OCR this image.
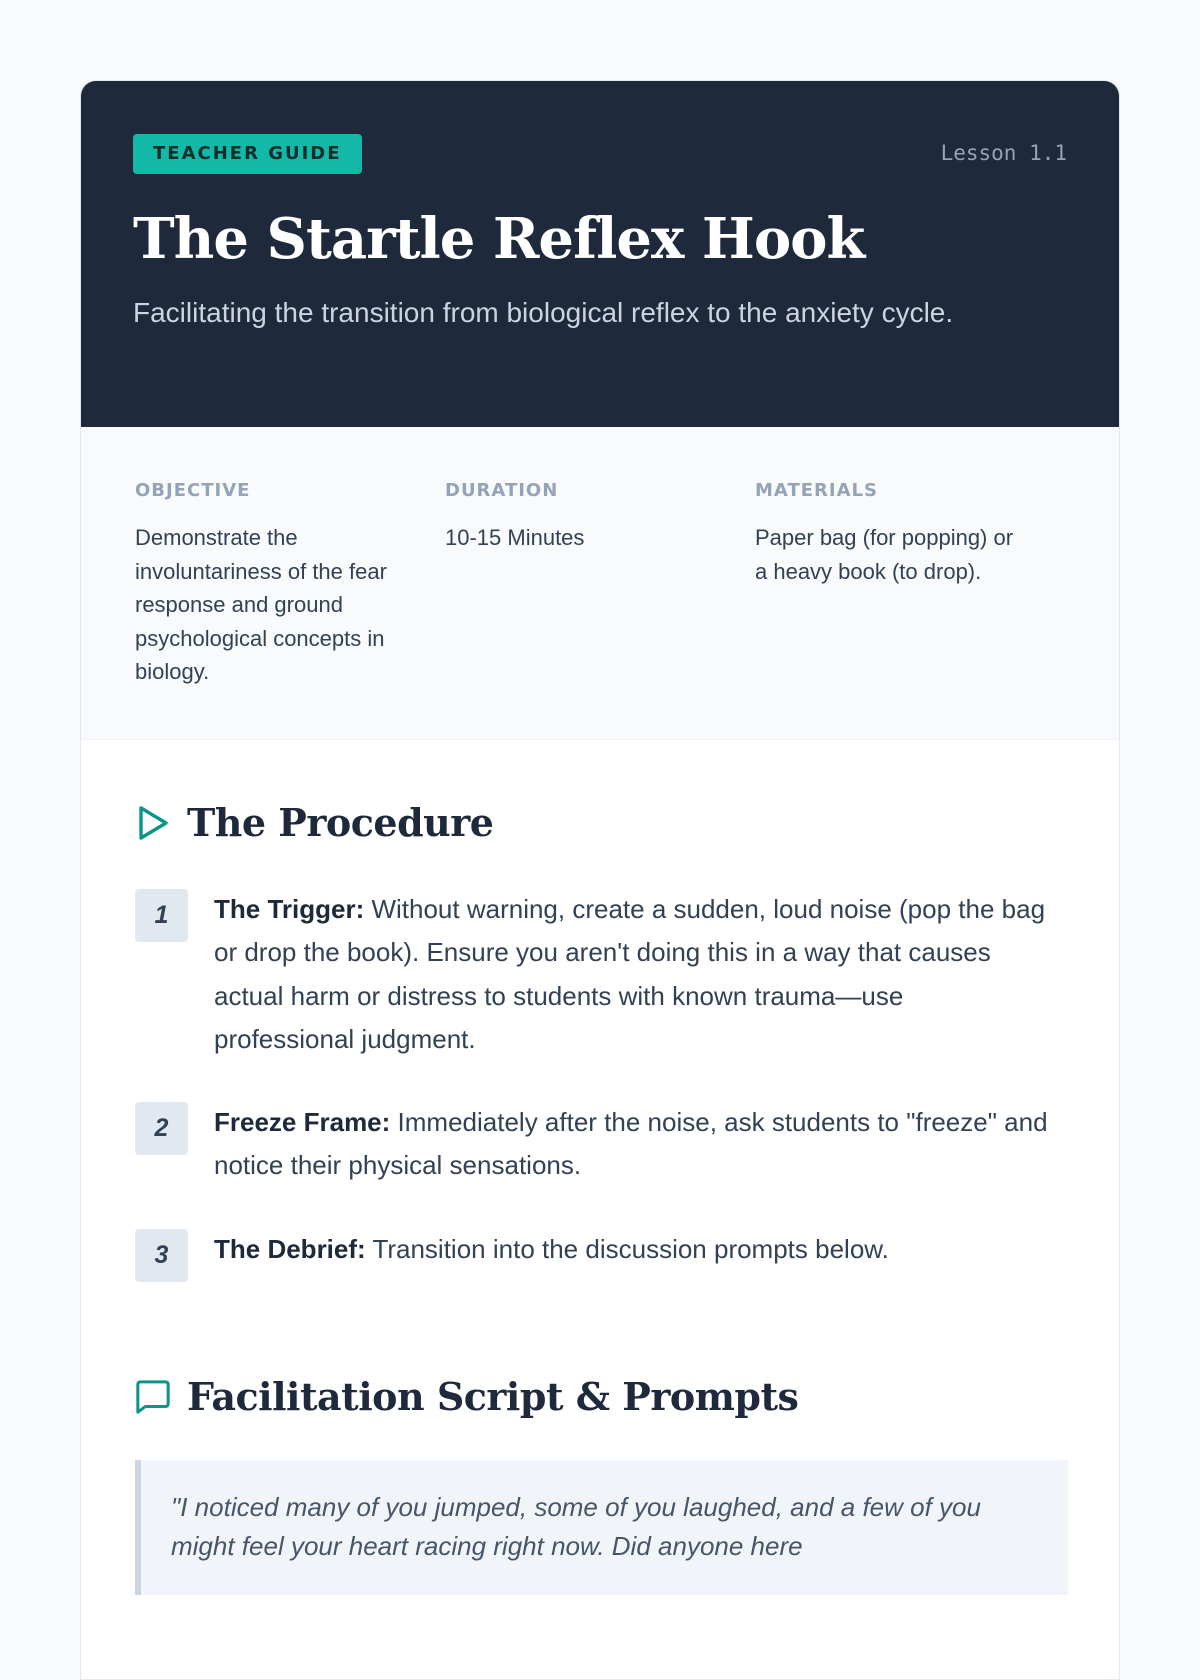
TEACHER GUIDE	Lesson 1.1
The Startle Reflex Hook

Facilitating the transition from biological reflex to the anxiety cycle.

OBJECTIVE
Demonstrate the involuntariness of the fear response and ground psychological concepts in biology.
DURATION
10-15 Minutes
MATERIALS
Paper bag (for popping) or a heavy book (to drop).
The Procedure
1	The Trigger: Without warning, create a sudden, loud noise (pop the bag or drop the book). Ensure you aren't doing this in a way that causes actual harm or distress to students with known trauma—use professional judgment.
2	Freeze Frame: Immediately after the noise, ask students to "freeze" and notice their physical sensations.
3	The Debrief: Transition into the discussion prompts below.
Facilitation Script & Prompts
"I noticed many of you jumped, some of you laughed, and a few of you might feel your heart racing right now. Did anyone here
